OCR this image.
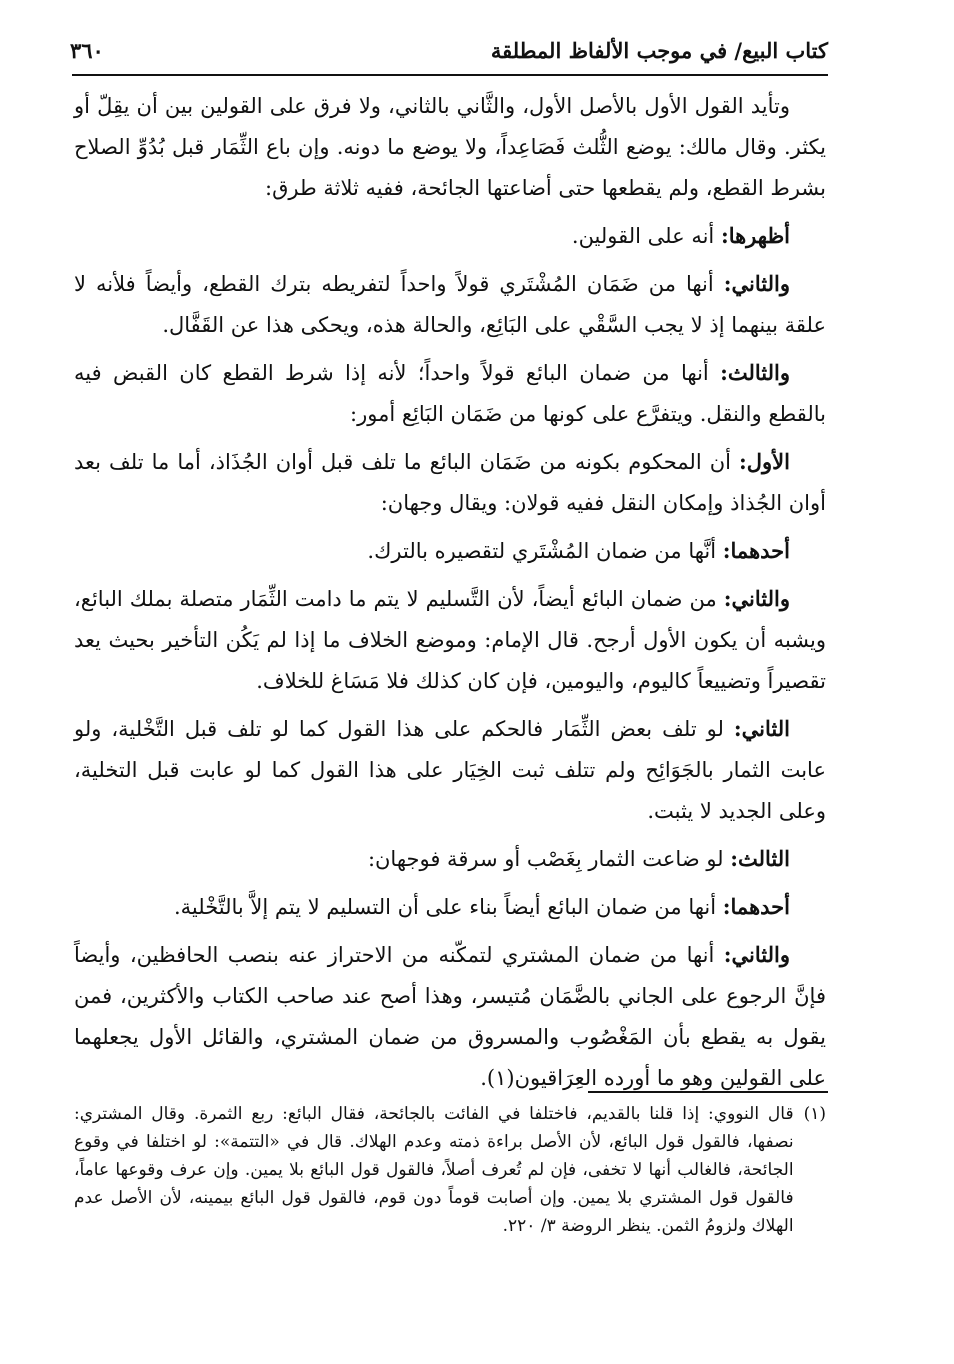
كتاب البيع/ في موجب الألفاظ المطلقة
٣٦٠

وتأيد القول الأول بالأصل الأول، والثَّاني بالثاني، ولا فرق على القولين بين أن يقِلّ أو يكثر. وقال مالك: يوضع الثُّلث فَصَاعِداً، ولا يوضع ما دونه. وإن باع الثِّمَار قبل بُدُوِّ الصلاح بشرط القطع، ولم يقطعها حتى أضاعتها الجائحة، ففيه ثلاثة طرق:

أظهرها: أنه على القولين.

والثاني: أنها من ضَمَان المُشْتَري قولاً واحداً لتفريطه بترك القطع، وأيضاً فلأنه لا علقة بينهما إذ لا يجب السَّقْي على البَائِع، والحالة هذه، ويحكى هذا عن القَفَّال.

والثالث: أنها من ضمان البائع قولاً واحداً؛ لأنه إذا شرط القطع كان القبض فيه بالقطع والنقل. ويتفرَّع على كونها من ضَمَان البَائِع أمور:

الأول: أن المحكوم بكونه من ضَمَان البائع ما تلف قبل أوان الجُذَاذ، أما ما تلف بعد أوان الجُذاذ وإمكان النقل ففيه قولان: ويقال وجهان:

أحدهما: أنَّها من ضمان المُشْتَري لتقصيره بالترك.

والثاني: من ضمان البائع أيضاً، لأن التَّسليم لا يتم ما دامت الثِّمَار متصلة بملك البائع، ويشبه أن يكون الأول أرجح. قال الإمام: وموضع الخلاف ما إذا لم يَكُن التأخير بحيث يعد تقصيراً وتضييعاً كاليوم، واليومين، فإن كان كذلك فلا مَسَاغ للخلاف.

الثاني: لو تلف بعض الثِّمَار فالحكم على هذا القول كما لو تلف قبل التَّخْلية، ولو عابت الثمار بالجَوَائِح ولم تتلف ثبت الخِيَار على هذا القول كما لو عابت قبل التخلية، وعلى الجديد لا يثبت.

الثالث: لو ضاعت الثمار بِغَصْب أو سرقة فوجهان:

أحدهما: أنها من ضمان البائع أيضاً بناء على أن التسليم لا يتم إلاَّ بالتَّخْلية.

والثاني: أنها من ضمان المشتري لتمكّنه من الاحتراز عنه بنصب الحافظين، وأيضاً فإنَّ الرجوع على الجاني بالضَّمَان مُتيسر، وهذا أصح عند صاحب الكتاب والأكثرين، فمن يقول به يقطع بأن المَغْصُوب والمسروق من ضمان المشتري، والقائل الأول يجعلهما على القولين وهو ما أورده العِرَاقيون(١).

(١)
قال النووي: إذا قلنا بالقديم، فاختلفا في الفائت بالجائحة، فقال البائع: ربع الثمرة. وقال المشتري: نصفها، فالقول قول البائع، لأن الأصل براءة ذمته وعدم الهلاك. قال في «التتمة»: لو اختلفا في وقوع الجائحة، فالغالب أنها لا تخفى، فإن لم تُعرف أصلاً، فالقول قول البائع بلا يمين. وإن عرف وقوعها عاماً، فالقول قول المشتري بلا يمين. وإن أصابت قوماً دون قوم، فالقول قول البائع بيمينه، لأن الأصل عدم الهلاك ولزومُ الثمن. ينظر الروضة ٣/ ٢٢٠.
